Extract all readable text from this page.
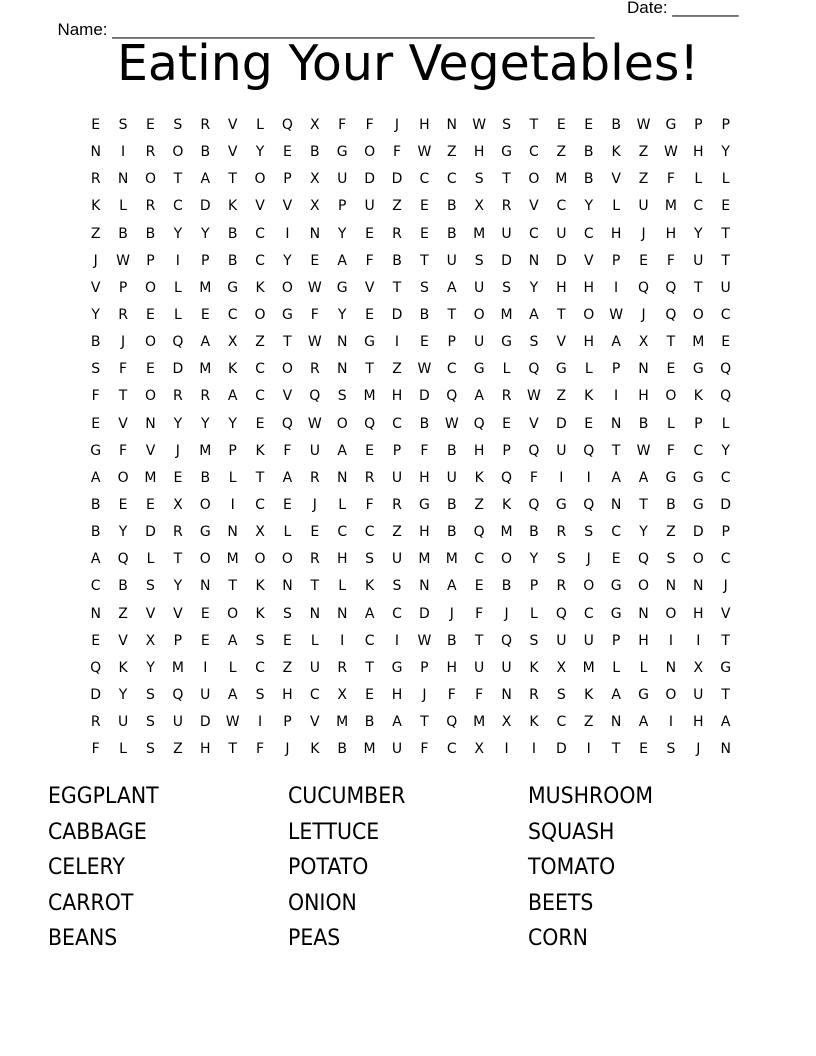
Name: ___________________________________________________

Date: _______

Eating Your Vegetables!
E	S	E	S	R	V	L	Q	X	F	F	J	H	N	W	S	T	E	E	B	W	G	P	P
N	I	R	O	B	V	Y	E	B	G	O	F	W	Z	H	G	C	Z	B	K	Z	W	H	Y
R	N	O	T	A	T	O	P	X	U	D	D	C	C	S	T	O	M	B	V	Z	F	L	L
K	L	R	C	D	K	V	V	X	P	U	Z	E	B	X	R	V	C	Y	L	U	M	C	E
Z	B	B	Y	Y	B	C	I	N	Y	E	R	E	B	M	U	C	U	C	H	J	H	Y	T
J	W	P	I	P	B	C	Y	E	A	F	B	T	U	S	D	N	D	V	P	E	F	U	T
V	P	O	L	M	G	K	O	W	G	V	T	S	A	U	S	Y	H	H	I	Q	Q	T	U
Y	R	E	L	E	C	O	G	F	Y	E	D	B	T	O	M	A	T	O	W	J	Q	O	C
B	J	O	Q	A	X	Z	T	W	N	G	I	E	P	U	G	S	V	H	A	X	T	M	E
S	F	E	D	M	K	C	O	R	N	T	Z	W	C	G	L	Q	G	L	P	N	E	G	Q
F	T	O	R	R	A	C	V	Q	S	M	H	D	Q	A	R	W	Z	K	I	H	O	K	Q
E	V	N	Y	Y	Y	E	Q	W	O	Q	C	B	W	Q	E	V	D	E	N	B	L	P	L
G	F	V	J	M	P	K	F	U	A	E	P	F	B	H	P	Q	U	Q	T	W	F	C	Y
A	O	M	E	B	L	T	A	R	N	R	U	H	U	K	Q	F	I	I	A	A	G	G	C
B	E	E	X	O	I	C	E	J	L	F	R	G	B	Z	K	Q	G	Q	N	T	B	G	D
B	Y	D	R	G	N	X	L	E	C	C	Z	H	B	Q	M	B	R	S	C	Y	Z	D	P
A	Q	L	T	O	M	O	O	R	H	S	U	M	M	C	O	Y	S	J	E	Q	S	O	C
C	B	S	Y	N	T	K	N	T	L	K	S	N	A	E	B	P	R	O	G	O	N	N	J
N	Z	V	V	E	O	K	S	N	N	A	C	D	J	F	J	L	Q	C	G	N	O	H	V
E	V	X	P	E	A	S	E	L	I	C	I	W	B	T	Q	S	U	U	P	H	I	I	T
Q	K	Y	M	I	L	C	Z	U	R	T	G	P	H	U	U	K	X	M	L	L	N	X	G
D	Y	S	Q	U	A	S	H	C	X	E	H	J	F	F	N	R	S	K	A	G	O	U	T
R	U	S	U	D	W	I	P	V	M	B	A	T	Q	M	X	K	C	Z	N	A	I	H	A
F	L	S	Z	H	T	F	J	K	B	M	U	F	C	X	I	I	D	I	T	E	S	J	N
EGGPLANT	CUCUMBER	MUSHROOM
CABBAGE	LETTUCE	SQUASH
CELERY	POTATO	TOMATO
CARROT	ONION	BEETS
BEANS	PEAS	CORN
